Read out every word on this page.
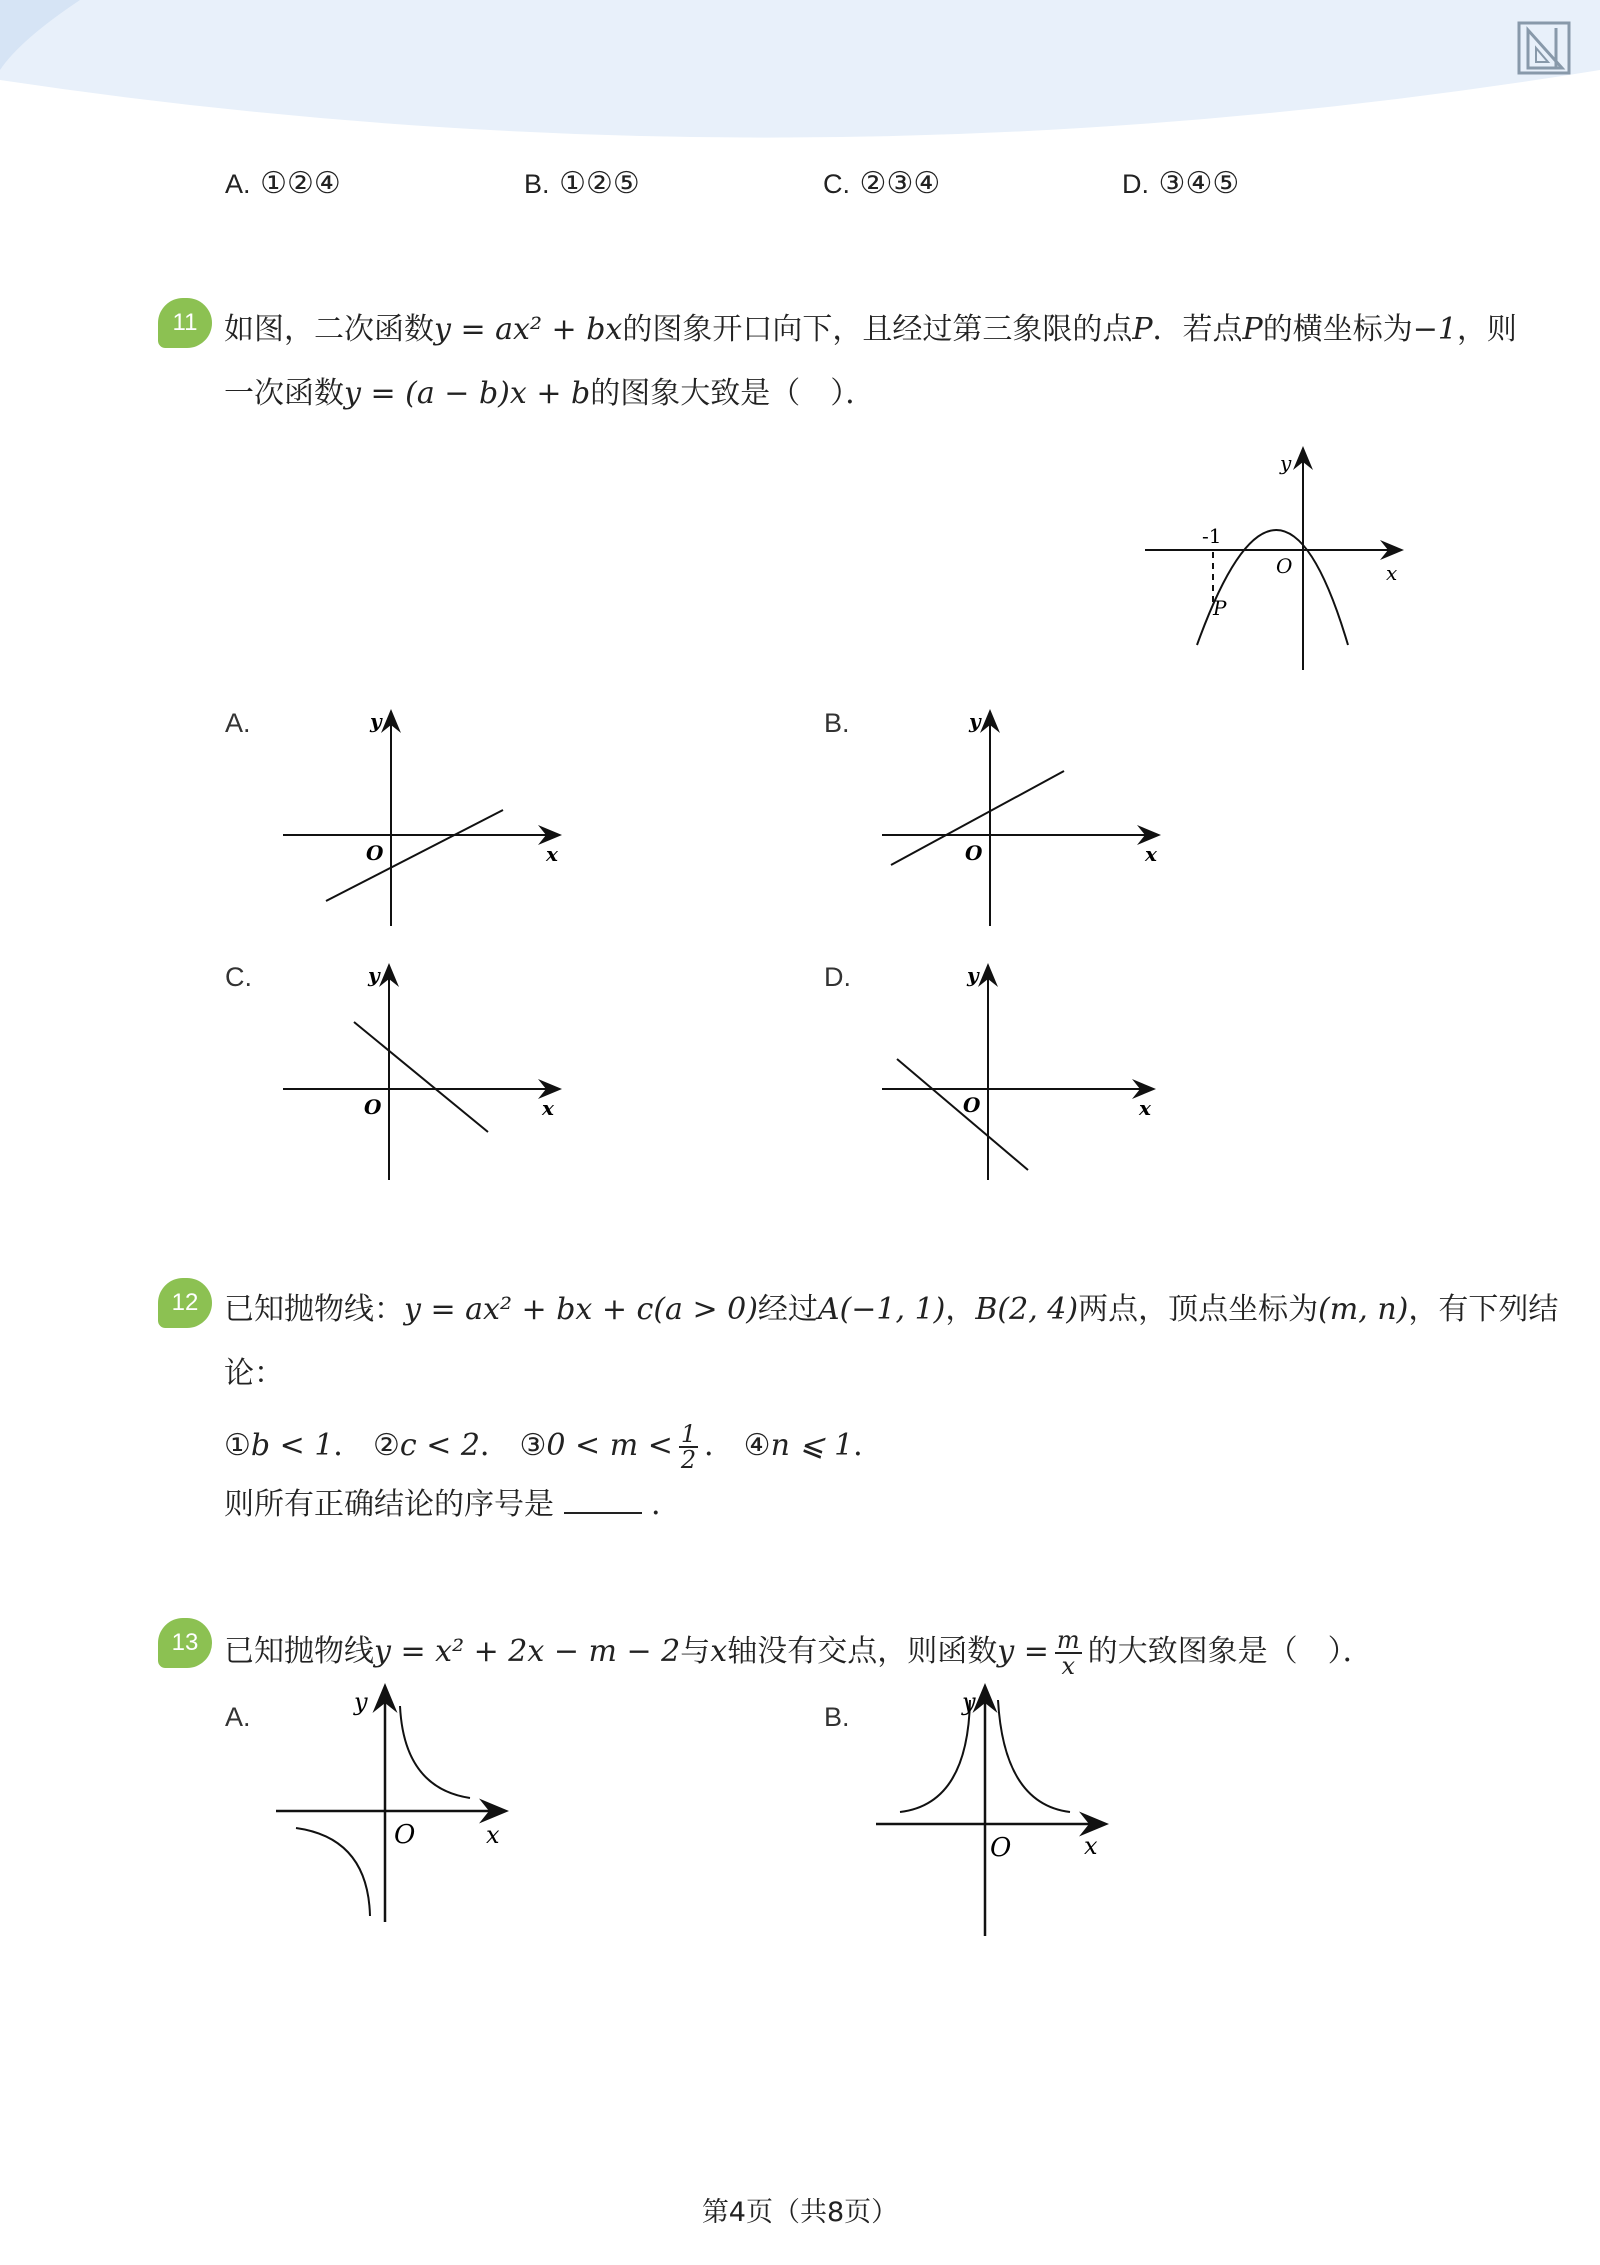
A. ①②④	B. ①②⑤	C. ②③④	D. ③④⑤
11 如图，二次函数y = ax² + bx的图象开口向下，且经过第三象限的点P．若点P的横坐标为−1，则
一次函数y = (a − b)x + b的图象大致是（　）．
y
x
O
-1
P
A.	y
x
O
B.	y
x
O
C.	y
x
O
D.	y
x
O
12 已知抛物线：y = ax² + bx + c(a > 0)经过A(−1, 1)，B(2, 4)两点，顶点坐标为(m, n)，有下列结
论：
①b < 1． ②c < 2． ③0 < $m < \frac{1}{2}$ ． ④n ⩽ 1．
则所有正确结论的序号是	．
13 已知抛物线y = x² + 2x − m − 2与x轴没有交点，则函数$y = \frac{m}{x}$ 的大致图象是（　）．
A.	y
x
O
B.	y
x
O
第4页（共8页）
